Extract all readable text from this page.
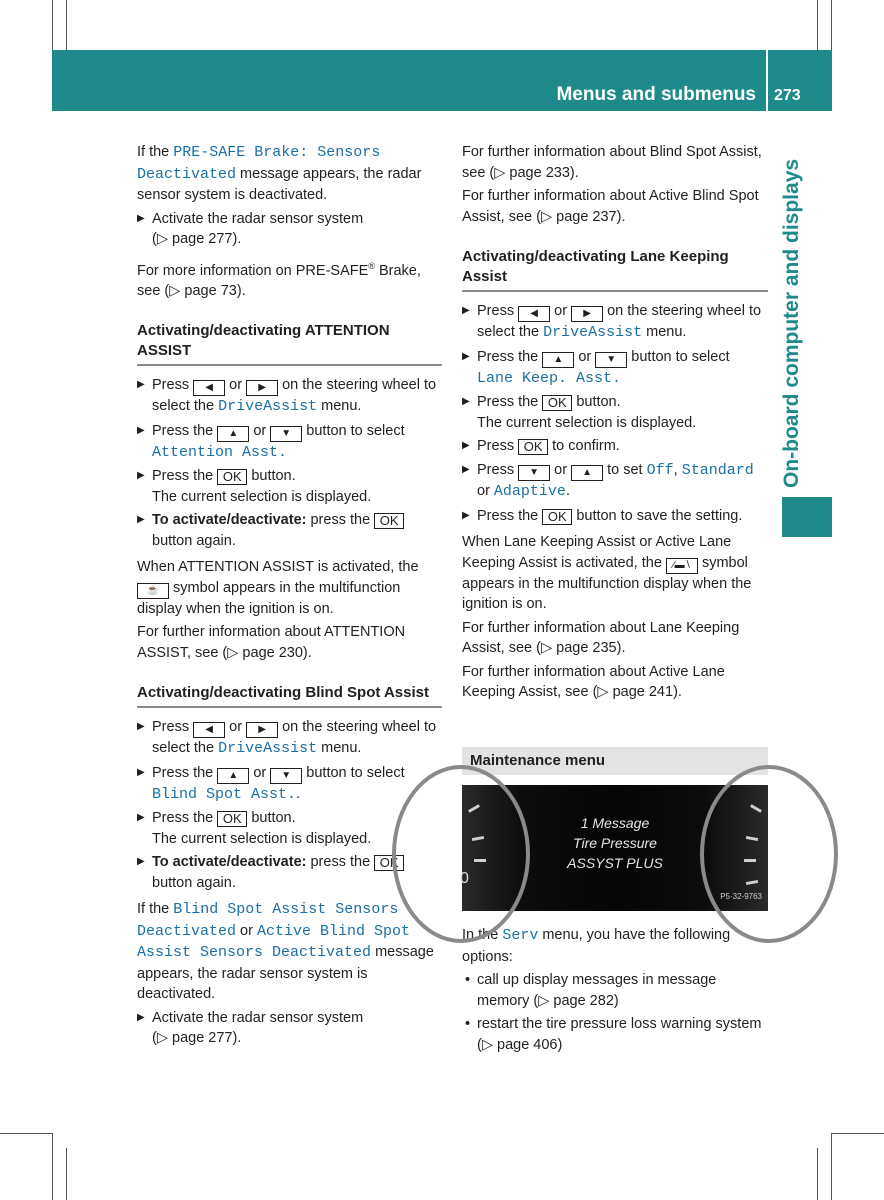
Menus and submenus 273
On-board computer and displays

If the PRE-SAFE Brake: Sensors Deactivated message appears, the radar sensor system is deactivated.

▶ Activate the radar sensor system
(▷ page 277).

For more information on PRE-SAFE® Brake, see (▷ page 73).

Activating/deactivating ATTENTION ASSIST
▶ Press ◀ or ▶ on the steering wheel to select the DriveAssist menu.
▶ Press the ▲ or ▼ button to select
Attention Asst.
▶ Press the OK button.
The current selection is displayed.
▶ To activate/deactivate: press the OK
button again.

When ATTENTION ASSIST is activated, the
☕ symbol appears in the multifunction display when the ignition is on.

For further information about ATTENTION ASSIST, see (▷ page 230).

Activating/deactivating Blind Spot Assist
▶ Press ◀ or ▶ on the steering wheel to select the DriveAssist menu.
▶ Press the ▲ or ▼ button to select
Blind Spot Asst..
▶ Press the OK button.
The current selection is displayed.
▶ To activate/deactivate: press the OK
button again.

If the Blind Spot Assist Sensors Deactivated or Active Blind Spot Assist Sensors Deactivated message appears, the radar sensor system is deactivated.

▶ Activate the radar sensor system
(▷ page 277).

For further information about Blind Spot Assist, see (▷ page 233).

For further information about Active Blind Spot Assist, see (▷ page 237).

Activating/deactivating Lane Keeping Assist
▶ Press ◀ or ▶ on the steering wheel to select the DriveAssist menu.
▶ Press the ▲ or ▼ button to select
Lane Keep. Asst.
▶ Press the OK button.
The current selection is displayed.
▶ Press OK to confirm.
▶ Press ▼ or ▲ to set Off, Standard
or Adaptive.
▶ Press the OK button to save the setting.

When Lane Keeping Assist or Active Lane Keeping Assist is activated, the ∕▬∖ symbol appears in the multifunction display when the ignition is on.

For further information about Lane Keeping Assist, see (▷ page 235).

For further information about Active Lane Keeping Assist, see (▷ page 241).

Maintenance menu
0
1 Message
Tire Pressure
ASSYST PLUS
P5·32-9763

In the Serv menu, you have the following options:

• call up display messages in message memory (▷ page 282)
• restart the tire pressure loss warning system (▷ page 406)
